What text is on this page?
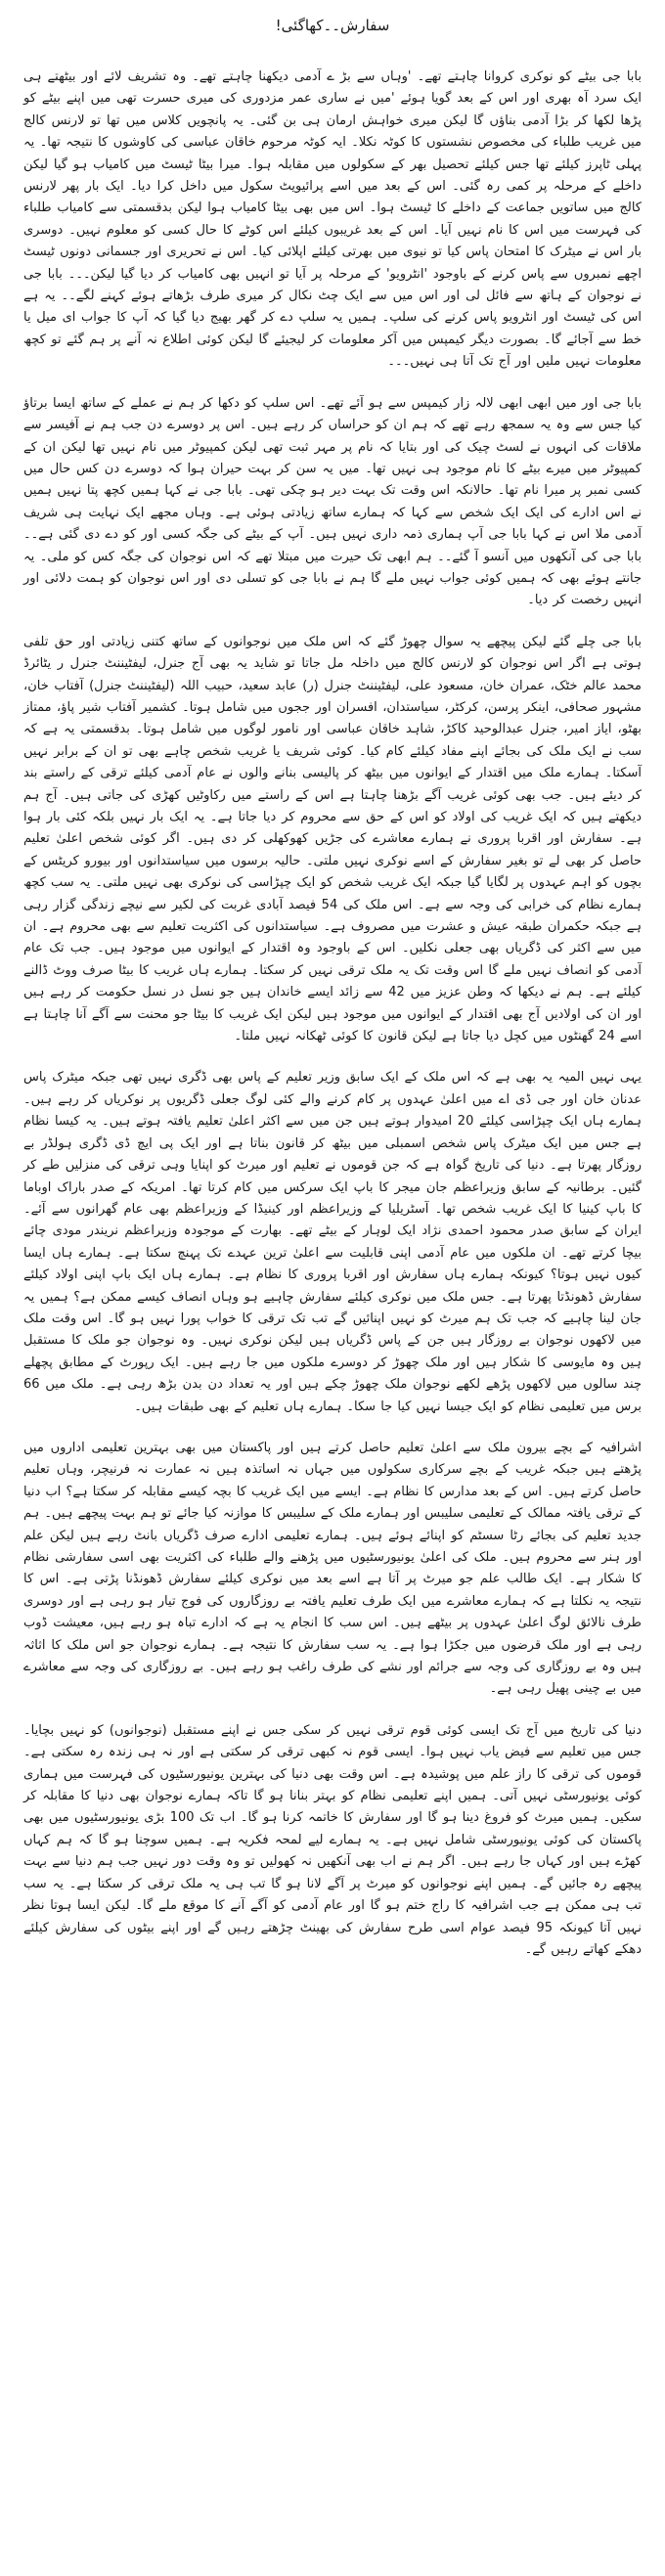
سفارش۔۔کھاگئی!

بابا جی بیٹے کو نوکری کروانا چاہتے تھے۔ 'وہاں سے بڑ ے آدمی دیکھنا چاہتے تھے۔ وہ تشریف لائے اور بیٹھتے ہی ایک سرد آہ بھری اور اس کے بعد گویا ہوئے 'میں نے ساری عمر مزدوری کی میری حسرت تھی میں اپنے بیٹے کو پڑھا لکھا کر بڑا آدمی بناؤں گا لیکن میری خواہش ارمان ہی بن گئی۔ یہ پانچویں کلاس میں تھا تو لارنس کالج میں غریب طلباء کی مخصوص نشستوں کا کوٹہ نکلا۔ ایہ کوٹہ مرحوم خاقان عباسی کی کاوشوں کا نتیجہ تھا۔ یہ پہلی ٹاپرز کیلئے تھا جس کیلئے تحصیل بھر کے سکولوں میں مقابلہ ہوا۔ میرا بیٹا ٹیسٹ میں کامیاب ہو گیا لیکن داخلے کے مرحلہ پر کمی رہ گئی۔ اس کے بعد میں اسے پرائیویٹ سکول میں داخل کرا دیا۔ ایک بار پھر لارنس کالج میں ساتویں جماعت کے داخلے کا ٹیسٹ ہوا۔ اس میں بھی بیٹا کامیاب ہوا لیکن بدقسمتی سے کامیاب طلباء کی فہرست میں اس کا نام نہیں آیا۔ اس کے بعد غریبوں کیلئے اس کوٹے کا حال کسی کو معلوم نہیں۔ دوسری بار اس نے میٹرک کا امتحان پاس کیا تو نیوی میں بھرتی کیلئے اپلائی کیا۔ اس نے تحریری اور جسمانی دونوں ٹیسٹ اچھے نمبروں سے پاس کرنے کے باوجود 'انٹرویو' کے مرحلہ پر آیا تو انہیں بھی کامیاب کر دیا گیا لیکن۔۔۔ بابا جی نے نوجوان کے ہاتھ سے فائل لی اور اس میں سے ایک چٹ نکال کر میری طرف بڑھاتے ہوئے کہنے لگے۔۔ یہ ہے اس کی ٹیسٹ اور انٹرویو پاس کرنے کی سلپ۔ ہمیں یہ سلپ دے کر گھر بھیج دیا گیا کہ آپ کا جواب ای میل یا خط سے آجائے گا۔ بصورت دیگر کیمپس میں آکر معلومات کر لیجیئے گا لیکن کوئی اطلاع نہ آنے پر ہم گئے تو کچھ معلومات نہیں ملیں اور آج تک آتا ہی نہیں۔۔۔

بابا جی اور میں ابھی ابھی لالہ زار کیمپس سے ہو آئے تھے۔ اس سلپ کو دکھا کر ہم نے عملے کے ساتھ ایسا برتاؤ کیا جس سے وہ یہ سمجھ رہے تھے کہ ہم ان کو حراساں کر رہے ہیں۔ اس پر دوسرے دن جب ہم نے آفیسر سے ملاقات کی انہوں نے لسٹ چیک کی اور بتایا کہ نام پر مہر ثبت تھی لیکن کمپیوٹر میں نام نہیں تھا لیکن ان کے کمپیوٹر میں میرے بیٹے کا نام موجود ہی نہیں تھا۔ میں یہ سن کر بہت حیران ہوا کہ دوسرے دن کس حال میں کسی نمبر پر میرا نام تھا۔ حالانکہ اس وقت تک بہت دیر ہو چکی تھی۔ بابا جی نے کہا ہمیں کچھ پتا نہیں ہمیں نے اس ادارے کی ایک ایک شخص سے کہا کہ ہمارے ساتھ زیادتی ہوئی ہے۔ وہاں مجھے ایک نہایت ہی شریف آدمی ملا اس نے کہا بابا جی آپ ہماری ذمہ داری نہیں ہیں۔ آپ کے بیٹے کی جگہ کسی اور کو دے دی گئی ہے۔۔ بابا جی کی آنکھوں میں آنسو آ گئے۔۔ ہم ابھی تک حیرت میں مبتلا تھے کہ اس نوجوان کی جگہ کس کو ملی۔ یہ جانتے ہوئے بھی کہ ہمیں کوئی جواب نہیں ملے گا ہم نے بابا جی کو تسلی دی اور اس نوجوان کو ہمت دلائی اور انہیں رخصت کر دیا۔

بابا جی چلے گئے لیکن پیچھے یہ سوال چھوڑ گئے کہ اس ملک میں نوجوانوں کے ساتھ کتنی زیادتی اور حق تلفی ہوتی ہے اگر اس نوجوان کو لارنس کالج میں داخلہ مل جاتا تو شاید یہ بھی آج جنرل، لیفٹیننٹ جنرل ر یٹائرڈ محمد عالم خٹک، عمران خان، مسعود علی، لیفٹیننٹ جنرل (ر) عابد سعید، حبیب اللہ (لیفٹیننٹ جنرل) آفتاب خان، مشہور صحافی، اینکر پرسن، کرکٹر، سیاستدان، افسران اور ججوں میں شامل ہوتا۔ کشمیر آفتاب شیر پاؤ، ممتاز بھٹو، ایاز امیر، جنرل عبدالوحید کاکڑ، شاہد خاقان عباسی اور نامور لوگوں میں شامل ہوتا۔ بدقسمتی یہ ہے کہ سب نے ایک ملک کی بجائے اپنے مفاد کیلئے کام کیا۔ کوئی شریف یا غریب شخص چاہے بھی تو ان کے برابر نہیں آسکتا۔ ہمارے ملک میں اقتدار کے ایوانوں میں بیٹھ کر پالیسی بنانے والوں نے عام آدمی کیلئے ترقی کے راستے بند کر دیئے ہیں۔ جب بھی کوئی غریب آگے بڑھنا چاہتا ہے اس کے راستے میں رکاوٹیں کھڑی کی جاتی ہیں۔ آج ہم دیکھتے ہیں کہ ایک غریب کی اولاد کو اس کے حق سے محروم کر دیا جاتا ہے۔ یہ ایک بار نہیں بلکہ کئی بار ہوا ہے۔ سفارش اور اقربا پروری نے ہمارے معاشرے کی جڑیں کھوکھلی کر دی ہیں۔ اگر کوئی شخص اعلیٰ تعلیم حاصل کر بھی لے تو بغیر سفارش کے اسے نوکری نہیں ملتی۔ حالیہ برسوں میں سیاستدانوں اور بیورو کریٹس کے بچوں کو اہم عہدوں پر لگایا گیا جبکہ ایک غریب شخص کو ایک چپڑاسی کی نوکری بھی نہیں ملتی۔ یہ سب کچھ ہمارے نظام کی خرابی کی وجہ سے ہے۔ اس ملک کی 54 فیصد آبادی غربت کی لکیر سے نیچے زندگی گزار رہی ہے جبکہ حکمران طبقہ عیش و عشرت میں مصروف ہے۔ سیاستدانوں کی اکثریت تعلیم سے بھی محروم ہے۔ ان میں سے اکثر کی ڈگریاں بھی جعلی نکلیں۔ اس کے باوجود وہ اقتدار کے ایوانوں میں موجود ہیں۔ جب تک عام آدمی کو انصاف نہیں ملے گا اس وقت تک یہ ملک ترقی نہیں کر سکتا۔ ہمارے ہاں غریب کا بیٹا صرف ووٹ ڈالنے کیلئے ہے۔ ہم نے دیکھا کہ وطن عزیز میں 42 سے زائد ایسے خاندان ہیں جو نسل در نسل حکومت کر رہے ہیں اور ان کی اولادیں آج بھی اقتدار کے ایوانوں میں موجود ہیں لیکن ایک غریب کا بیٹا جو محنت سے آگے آنا چاہتا ہے اسے 24 گھنٹوں میں کچل دیا جاتا ہے لیکن قانون کا کوئی ٹھکانہ نہیں ملتا۔

یہی نہیں المیہ یہ بھی ہے کہ اس ملک کے ایک سابق وزیر تعلیم کے پاس بھی ڈگری نہیں تھی جبکہ میٹرک پاس عدنان خان اور جی ڈی اے میں اعلیٰ عہدوں پر کام کرنے والے کئی لوگ جعلی ڈگریوں پر نوکریاں کر رہے ہیں۔ ہمارے ہاں ایک چپڑاسی کیلئے 20 امیدوار ہوتے ہیں جن میں سے اکثر اعلیٰ تعلیم یافتہ ہوتے ہیں۔ یہ کیسا نظام ہے جس میں ایک میٹرک پاس شخص اسمبلی میں بیٹھ کر قانون بناتا ہے اور ایک پی ایچ ڈی ڈگری ہولڈر بے روزگار پھرتا ہے۔ دنیا کی تاریخ گواہ ہے کہ جن قوموں نے تعلیم اور میرٹ کو اپنایا وہی ترقی کی منزلیں طے کر گئیں۔ برطانیہ کے سابق وزیراعظم جان میجر کا باپ ایک سرکس میں کام کرتا تھا۔ امریکہ کے صدر باراک اوباما کا باپ کینیا کا ایک غریب شخص تھا۔ آسٹریلیا کے وزیراعظم اور کینیڈا کے وزیراعظم بھی عام گھرانوں سے آئے۔ ایران کے سابق صدر محمود احمدی نژاد ایک لوہار کے بیٹے تھے۔ بھارت کے موجودہ وزیراعظم نریندر مودی چائے بیچا کرتے تھے۔ ان ملکوں میں عام آدمی اپنی قابلیت سے اعلیٰ ترین عہدے تک پہنچ سکتا ہے۔ ہمارے ہاں ایسا کیوں نہیں ہوتا؟ کیونکہ ہمارے ہاں سفارش اور اقربا پروری کا نظام ہے۔ ہمارے ہاں ایک باپ اپنی اولاد کیلئے سفارش ڈھونڈتا پھرتا ہے۔ جس ملک میں نوکری کیلئے سفارش چاہیے ہو وہاں انصاف کیسے ممکن ہے؟ ہمیں یہ جان لینا چاہیے کہ جب تک ہم میرٹ کو نہیں اپنائیں گے تب تک ترقی کا خواب پورا نہیں ہو گا۔ اس وقت ملک میں لاکھوں نوجوان بے روزگار ہیں جن کے پاس ڈگریاں ہیں لیکن نوکری نہیں۔ وہ نوجوان جو ملک کا مستقبل ہیں وہ مایوسی کا شکار ہیں اور ملک چھوڑ کر دوسرے ملکوں میں جا رہے ہیں۔ ایک رپورٹ کے مطابق پچھلے چند سالوں میں لاکھوں پڑھے لکھے نوجوان ملک چھوڑ چکے ہیں اور یہ تعداد دن بدن بڑھ رہی ہے۔ ملک میں 66 برس میں تعلیمی نظام کو ایک جیسا نہیں کیا جا سکا۔ ہمارے ہاں تعلیم کے بھی طبقات ہیں۔

اشرافیہ کے بچے بیرون ملک سے اعلیٰ تعلیم حاصل کرتے ہیں اور پاکستان میں بھی بہترین تعلیمی اداروں میں پڑھتے ہیں جبکہ غریب کے بچے سرکاری سکولوں میں جہاں نہ اساتذہ ہیں نہ عمارت نہ فرنیچر، وہاں تعلیم حاصل کرتے ہیں۔ اس کے بعد مدارس کا نظام ہے۔ ایسے میں ایک غریب کا بچہ کیسے مقابلہ کر سکتا ہے؟ اب دنیا کے ترقی یافتہ ممالک کے تعلیمی سلیبس اور ہمارے ملک کے سلیبس کا موازنہ کیا جائے تو ہم بہت پیچھے ہیں۔ ہم جدید تعلیم کی بجائے رٹا سسٹم کو اپنائے ہوئے ہیں۔ ہمارے تعلیمی ادارے صرف ڈگریاں بانٹ رہے ہیں لیکن علم اور ہنر سے محروم ہیں۔ ملک کی اعلیٰ یونیورسٹیوں میں پڑھنے والے طلباء کی اکثریت بھی اسی سفارشی نظام کا شکار ہے۔ ایک طالب علم جو میرٹ پر آتا ہے اسے بعد میں نوکری کیلئے سفارش ڈھونڈنا پڑتی ہے۔ اس کا نتیجہ یہ نکلتا ہے کہ ہمارے معاشرے میں ایک طرف تعلیم یافتہ بے روزگاروں کی فوج تیار ہو رہی ہے اور دوسری طرف نالائق لوگ اعلیٰ عہدوں پر بیٹھے ہیں۔ اس سب کا انجام یہ ہے کہ ادارے تباہ ہو رہے ہیں، معیشت ڈوب رہی ہے اور ملک قرضوں میں جکڑا ہوا ہے۔ یہ سب سفارش کا نتیجہ ہے۔ ہمارے نوجوان جو اس ملک کا اثاثہ ہیں وہ بے روزگاری کی وجہ سے جرائم اور نشے کی طرف راغب ہو رہے ہیں۔ بے روزگاری کی وجہ سے معاشرے میں بے چینی پھیل رہی ہے۔

دنیا کی تاریخ میں آج تک ایسی کوئی قوم ترقی نہیں کر سکی جس نے اپنے مستقبل (نوجوانوں) کو نہیں بچایا۔ جس میں تعلیم سے فیض یاب نہیں ہوا۔ ایسی قوم نہ کبھی ترقی کر سکتی ہے اور نہ ہی زندہ رہ سکتی ہے۔ قوموں کی ترقی کا راز علم میں پوشیدہ ہے۔ اس وقت بھی دنیا کی بہترین یونیورسٹیوں کی فہرست میں ہماری کوئی یونیورسٹی نہیں آتی۔ ہمیں اپنے تعلیمی نظام کو بہتر بنانا ہو گا تاکہ ہمارے نوجوان بھی دنیا کا مقابلہ کر سکیں۔ ہمیں میرٹ کو فروغ دینا ہو گا اور سفارش کا خاتمہ کرنا ہو گا۔ اب تک 100 بڑی یونیورسٹیوں میں بھی پاکستان کی کوئی یونیورسٹی شامل نہیں ہے۔ یہ ہمارے لیے لمحہ فکریہ ہے۔ ہمیں سوچنا ہو گا کہ ہم کہاں کھڑے ہیں اور کہاں جا رہے ہیں۔ اگر ہم نے اب بھی آنکھیں نہ کھولیں تو وہ وقت دور نہیں جب ہم دنیا سے بہت پیچھے رہ جائیں گے۔ ہمیں اپنے نوجوانوں کو میرٹ پر آگے لانا ہو گا تب ہی یہ ملک ترقی کر سکتا ہے۔ یہ سب تب ہی ممکن ہے جب اشرافیہ کا راج ختم ہو گا اور عام آدمی کو آگے آنے کا موقع ملے گا۔ لیکن ایسا ہوتا نظر نہیں آتا کیونکہ 95 فیصد عوام اسی طرح سفارش کی بھینٹ چڑھتے رہیں گے اور اپنے بیٹوں کی سفارش کیلئے دھکے کھاتے رہیں گے۔
